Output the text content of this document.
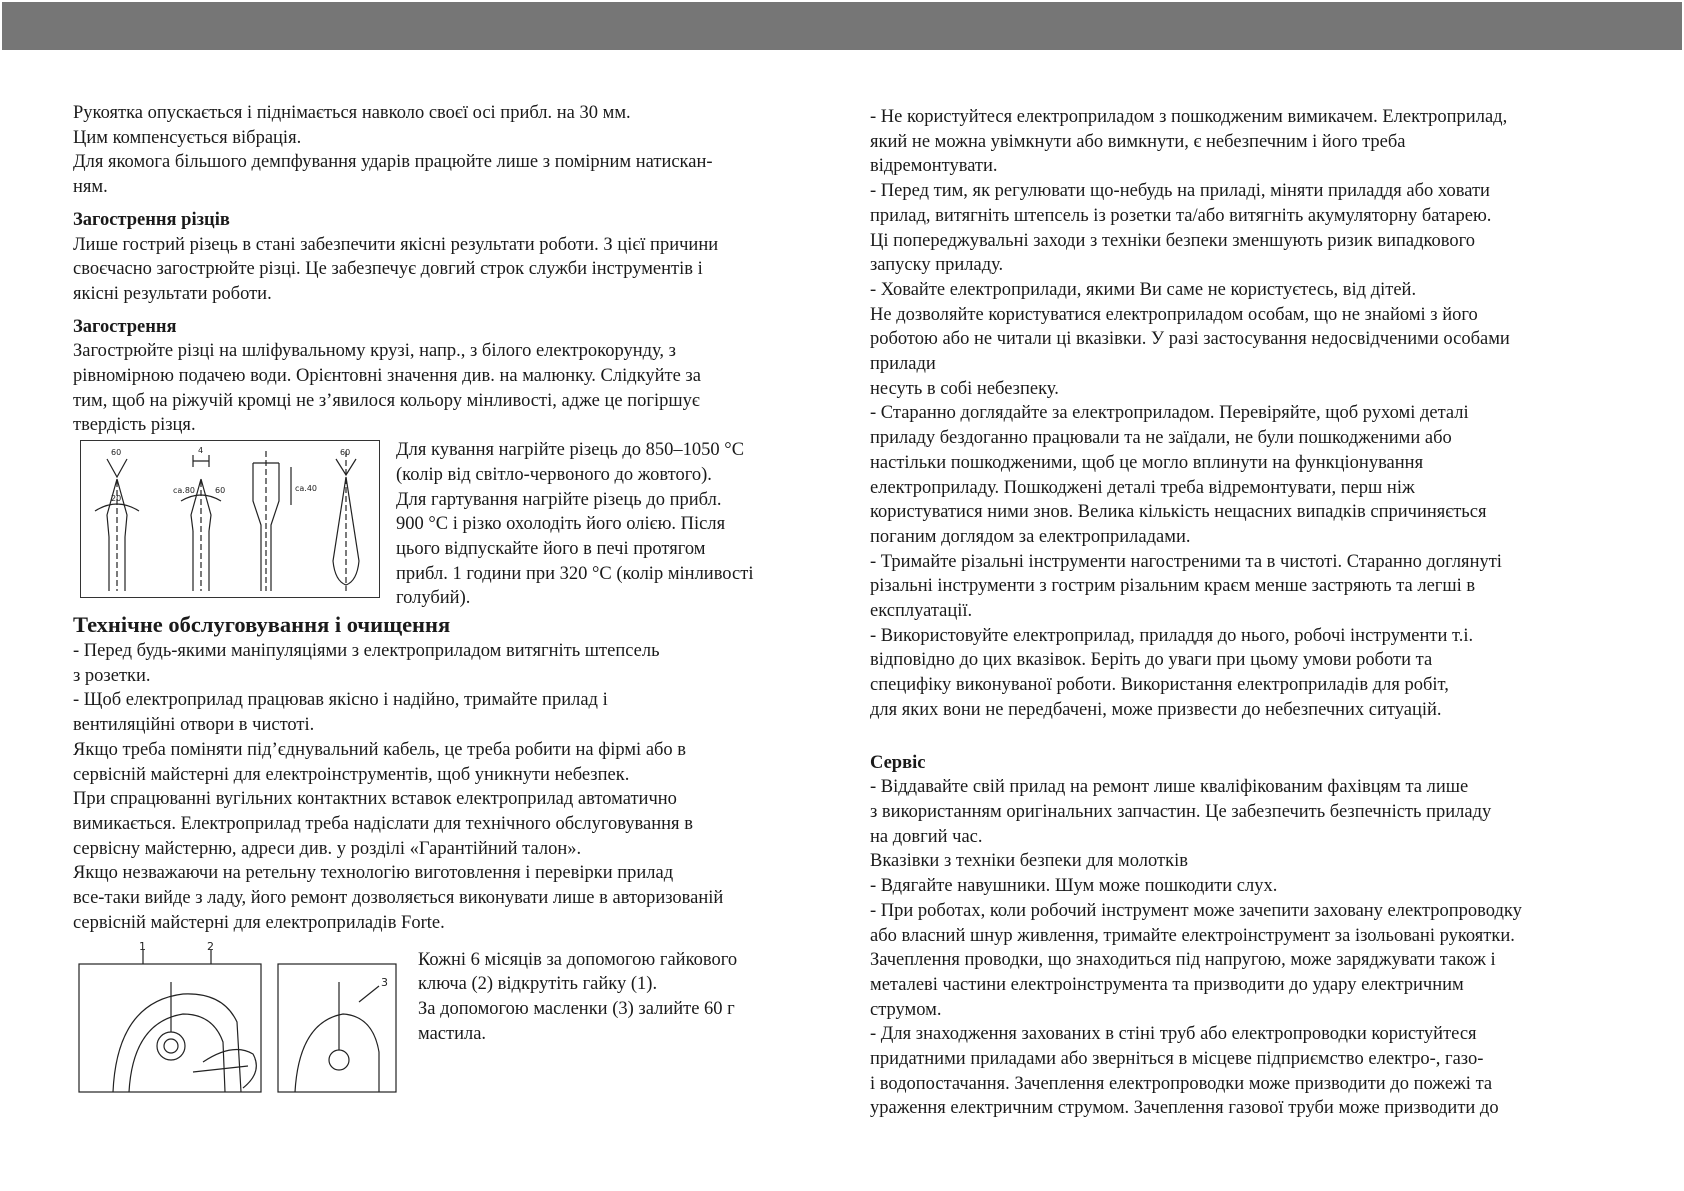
Рукоятка опускається і піднімається навколо своєї осі прибл. на 30 мм.

Цим компенсується вібрація.

Для якомога більшого демпфування ударів працюйте лише з помірним натискан-

ням.

Загострення різців

Лише гострий різець в стані забезпечити якісні результати роботи. З цієї причини

своєчасно загострюйте різці. Це забезпечує довгий строк служби інструментів і

якісні результати роботи.

Загострення

Загострюйте різці на шліфувальному крузі, напр., з білого електрокорунду, з

рівномірною подачею води. Орієнтовні значення див. на малюнку. Слідкуйте за

тим, щоб на ріжучій кромці не з’явилося кольору мінливості, адже це погіршує

твердість різця.

60
20
4
са.80 60	са.40
60 Для кування нагрійте різець до 850–1050 °C

(колір від світло-червоного до жовтого).

Для гартування нагрійте різець до прибл.

900 °C і різко охолодіть його олією. Після

цього відпускайте його в печі протягом

прибл. 1 години при 320 °C (колір мінливості

голубий).

Технічне обслуговування і очищення

- Перед будь-якими маніпуляціями з електроприладом витягніть штепсель

з розетки.

- Щоб електроприлад працював якісно і надійно, тримайте прилад і

вентиляційні отвори в чистоті.

Якщо треба поміняти під’єднувальний кабель, це треба робити на фірмі або в

сервісній майстерні для електроінструментів, щоб уникнути небезпек.

При спрацюванні вугільних контактних вставок електроприлад автоматично

вимикається. Електроприлад треба надіслати для технічного обслуговування в

сервісну майстерню, адреси див. у розділі «Гарантійний талон».

Якщо незважаючи на ретельну технологію виготовлення і перевірки прилад

все-таки вийде з ладу, його ремонт дозволяється виконувати лише в авторизованій

сервісній майстерні для електроприладів Forte.

1	2
3

Кожні 6 місяців за допомогою гайкового

ключа (2) відкрутіть гайку (1).

За допомогою масленки (3) залийте 60 г

мастила.

- Не користуйтеся електроприладом з пошкодженим вимикачем. Електроприлад,

який не можна увімкнути або вимкнути, є небезпечним і його треба

відремонтувати.

- Перед тим, як регулювати що-небудь на приладі, міняти приладдя або ховати

прилад, витягніть штепсель із розетки та/або витягніть акумуляторну батарею.

Ці попереджувальні заходи з техніки безпеки зменшують ризик випадкового

запуску приладу.

- Ховайте електроприлади, якими Ви саме не користуєтесь, від дітей.

Не дозволяйте користуватися електроприладом особам, що не знайомі з його

роботою або не читали ці вказівки. У разі застосування недосвідченими особами

прилади

несуть в собі небезпеку.

- Старанно доглядайте за електроприладом. Перевіряйте, щоб рухомі деталі

приладу бездоганно працювали та не заїдали, не були пошкодженими або

настільки пошкодженими, щоб це могло вплинути на функціонування

електроприладу. Пошкоджені деталі треба відремонтувати, перш ніж

користуватися ними знов. Велика кількість нещасних випадків спричиняється

поганим доглядом за електроприладами.

- Тримайте різальні інструменти нагостреними та в чистоті. Старанно доглянуті

різальні інструменти з гострим різальним краєм менше застряють та легші в

експлуатації.

- Використовуйте електроприлад, приладдя до нього, робочі інструменти т.і.

відповідно до цих вказівок. Беріть до уваги при цьому умови роботи та

специфіку виконуваної роботи. Використання електроприладів для робіт,

для яких вони не передбачені, може призвести до небезпечних ситуацій.

Сервіс

- Віддавайте свій прилад на ремонт лише кваліфікованим фахівцям та лише

з використанням оригінальних запчастин. Це забезпечить безпечність приладу

на довгий час.

Вказівки з техніки безпеки для молотків

- Вдягайте навушники. Шум може пошкодити слух.

- При роботах, коли робочий інструмент може зачепити заховану електропроводку

або власний шнур живлення, тримайте електроінструмент за ізольовані рукоятки.

Зачеплення проводки, що знаходиться під напругою, може заряджувати також і

металеві частини електроінструмента та призводити до удару електричним

струмом.

- Для знаходження захованих в стіні труб або електропроводки користуйтеся

придатними приладами або зверніться в місцеве підприємство електро-, газо-

і водопостачання. Зачеплення електропроводки може призводити до пожежі та

ураження електричним струмом. Зачеплення газової труби може призводити до
